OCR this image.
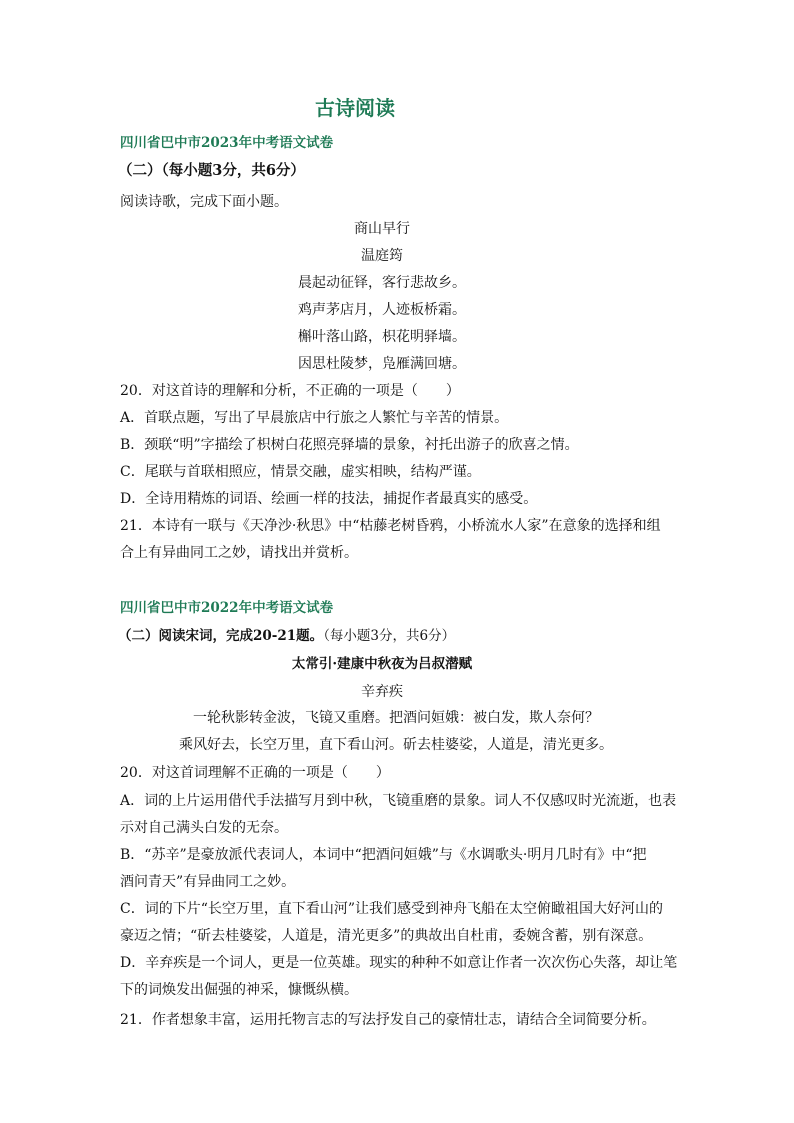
古诗阅读
四川省巴中市2023年中考语文试卷
（二）（每小题3分，共6分）
阅读诗歌，完成下面小题。
商山早行
温庭筠
晨起动征铎，客行悲故乡。
鸡声茅店月，人迹板桥霜。
槲叶落山路，枳花明驿墙。
因思杜陵梦，凫雁满回塘。
20．对这首诗的理解和分析，不正确的一项是（　　）
A．首联点题，写出了早晨旅店中行旅之人繁忙与辛苦的情景。
B．颈联“明”字描绘了枳树白花照亮驿墙的景象，衬托出游子的欣喜之情。
C．尾联与首联相照应，情景交融，虚实相映，结构严谨。
D．全诗用精炼的词语、绘画一样的技法，捕捉作者最真实的感受。
21．本诗有一联与《天净沙·秋思》中“枯藤老树昏鸦，小桥流水人家”在意象的选择和组
合上有异曲同工之妙，请找出并赏析。
四川省巴中市2022年中考语文试卷
（二）阅读宋词，完成20-21题。（每小题3分，共6分）
太常引·建康中秋夜为吕叔潜赋
辛弃疾
一轮秋影转金波，飞镜又重磨。把酒问姮娥：被白发，欺人奈何？
乘风好去，长空万里，直下看山河。斫去桂婆娑，人道是，清光更多。
20．对这首词理解不正确的一项是（　　）
A．词的上片运用借代手法描写月到中秋，飞镜重磨的景象。词人不仅感叹时光流逝，也表
示对自己满头白发的无奈。
B．“苏辛”是豪放派代表词人，本词中“把酒问姮娥”与《水调歌头·明月几时有》中“把
酒问青天”有异曲同工之妙。
C．词的下片“长空万里，直下看山河”让我们感受到神舟飞船在太空俯瞰祖国大好河山的
豪迈之情；“斫去桂婆娑，人道是，清光更多”的典故出自杜甫，委婉含蓄，别有深意。
D．辛弃疾是一个词人，更是一位英雄。现实的种种不如意让作者一次次伤心失落，却让笔
下的词焕发出倔强的神采，慷慨纵横。
21．作者想象丰富，运用托物言志的写法抒发自己的豪情壮志，请结合全词简要分析。
